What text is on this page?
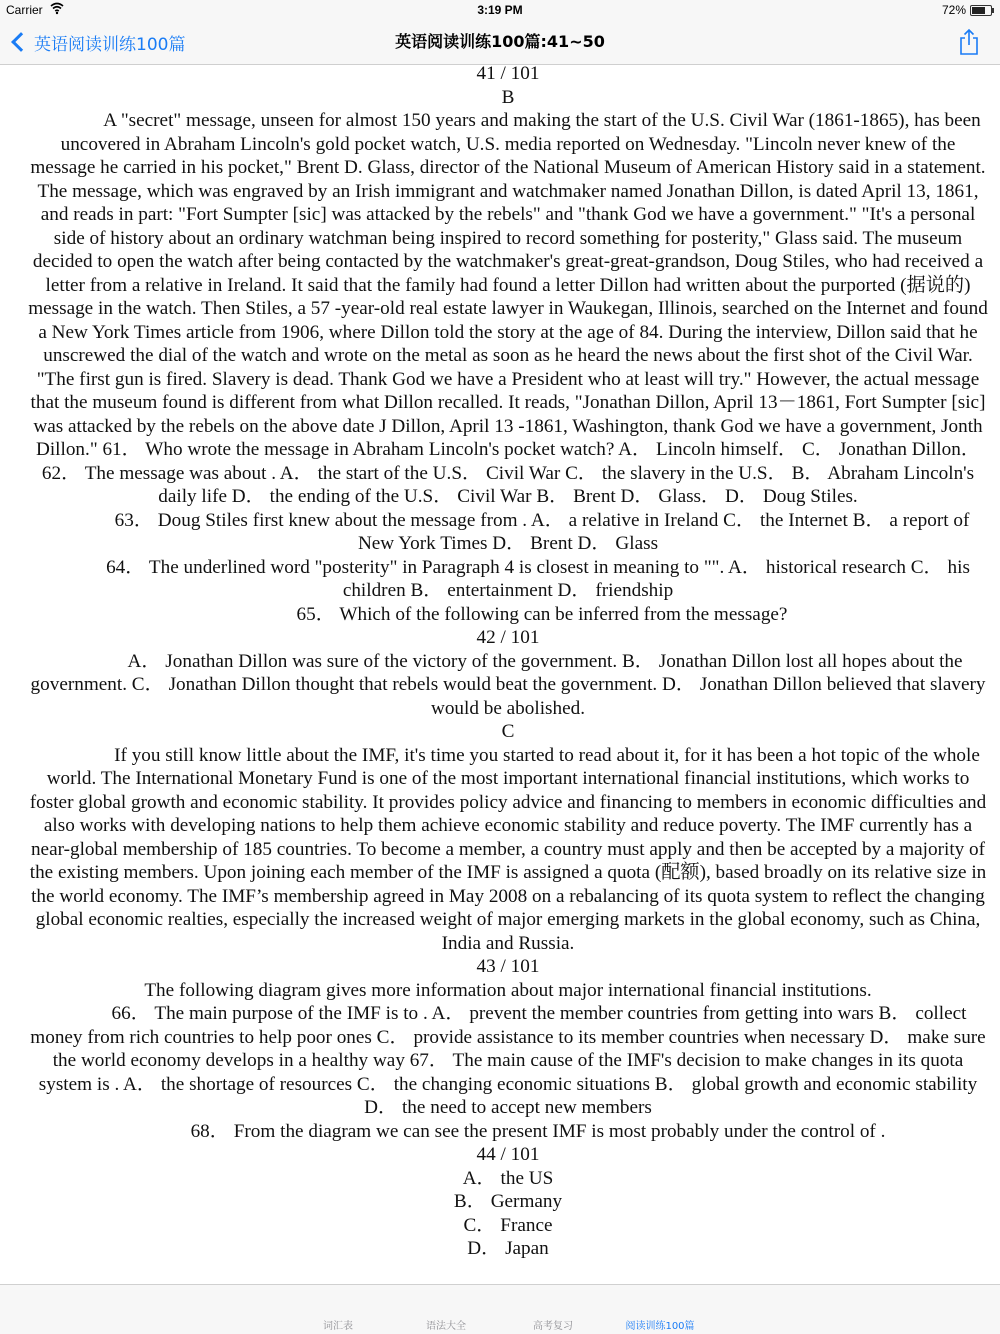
Carrier	3:19 PM	72%
英语阅读训练100篇	英语阅读训练100篇:41~50

41 / 101

B

A "secret" message, unseen for almost 150 years and making the start of the U.S. Civil War (1861-1865), has been uncovered in Abraham Lincoln's gold pocket watch, U.S. media reported on Wednesday. "Lincoln never knew of the message he carried in his pocket," Brent D. Glass, director of the National Museum of American History said in a statement. The message, which was engraved by an Irish immigrant and watchmaker named Jonathan Dillon, is dated April 13, 1861, and reads in part: "Fort Sumpter [sic] was attacked by the rebels" and "thank God we have a government." "It's a personal side of history about an ordinary watchman being inspired to record something for posterity," Glass said. The museum decided to open the watch after being contacted by the watchmaker's great-great-grandson, Doug Stiles, who had received a letter from a relative in Ireland. It said that the family had found a letter Dillon had written about the purported (据说的) message in the watch. Then Stiles, a 57 -year-old real estate lawyer in Waukegan, Illinois, searched on the Internet and found a New York Times article from 1906, where Dillon told the story at the age of 84. During the interview, Dillon said that he unscrewed the dial of the watch and wrote on the metal as soon as he heard the news about the first shot of the Civil War. "The first gun is fired. Slavery is dead. Thank God we have a President who at least will try." However, the actual message that the museum found is different from what Dillon recalled. It reads, "Jonathan Dillon, April 13－1861, Fort Sumpter [sic] was attacked by the rebels on the above date J Dillon, April 13 -1861, Washington, thank God we have a government, Jonth Dillon." 61． Who wrote the message in Abraham Lincoln's pocket watch? A． Lincoln himself． C． Jonathan Dillon． 62． The message was about . A． the start of the U.S． Civil War C． the slavery in the U.S． B． Abraham Lincoln's daily life D． the ending of the U.S． Civil War B． Brent D． Glass． D． Doug Stiles.

63． Doug Stiles first knew about the message from . A． a relative in Ireland C． the Internet B． a report of New York Times D． Brent D． Glass

64． The underlined word "posterity" in Paragraph 4 is closest in meaning to "". A． historical research C． his children B． entertainment D． friendship

65． Which of the following can be inferred from the message?

42 / 101

A． Jonathan Dillon was sure of the victory of the government. B． Jonathan Dillon lost all hopes about the government. C． Jonathan Dillon thought that rebels would beat the government. D． Jonathan Dillon believed that slavery would be abolished.

C

If you still know little about the IMF, it's time you started to read about it, for it has been a hot topic of the whole world. The International Monetary Fund is one of the most important international financial institutions, which works to foster global growth and economic stability. It provides policy advice and financing to members in economic difficulties and also works with developing nations to help them achieve economic stability and reduce poverty. The IMF currently has a near-global membership of 185 countries. To become a member, a country must apply and then be accepted by a majority of the existing members. Upon joining each member of the IMF is assigned a quota (配额), based broadly on its relative size in the world economy. The IMF’s membership agreed in May 2008 on a rebalancing of its quota system to reflect the changing global economic realties, especially the increased weight of major emerging markets in the global economy, such as China, India and Russia.

43 / 101

The following diagram gives more information about major international financial institutions.

66． The main purpose of the IMF is to . A． prevent the member countries from getting into wars B． collect money from rich countries to help poor ones C． provide assistance to its member countries when necessary D． make sure the world economy develops in a healthy way 67． The main cause of the IMF's decision to make changes in its quota system is . A． the shortage of resources C． the changing economic situations B． global growth and economic stability D． the need to accept new members

68． From the diagram we can see the present IMF is most probably under the control of .

44 / 101

A． the US

B． Germany

C． France

D． Japan

词汇表	语法大全	高考复习	阅读训练100篇
